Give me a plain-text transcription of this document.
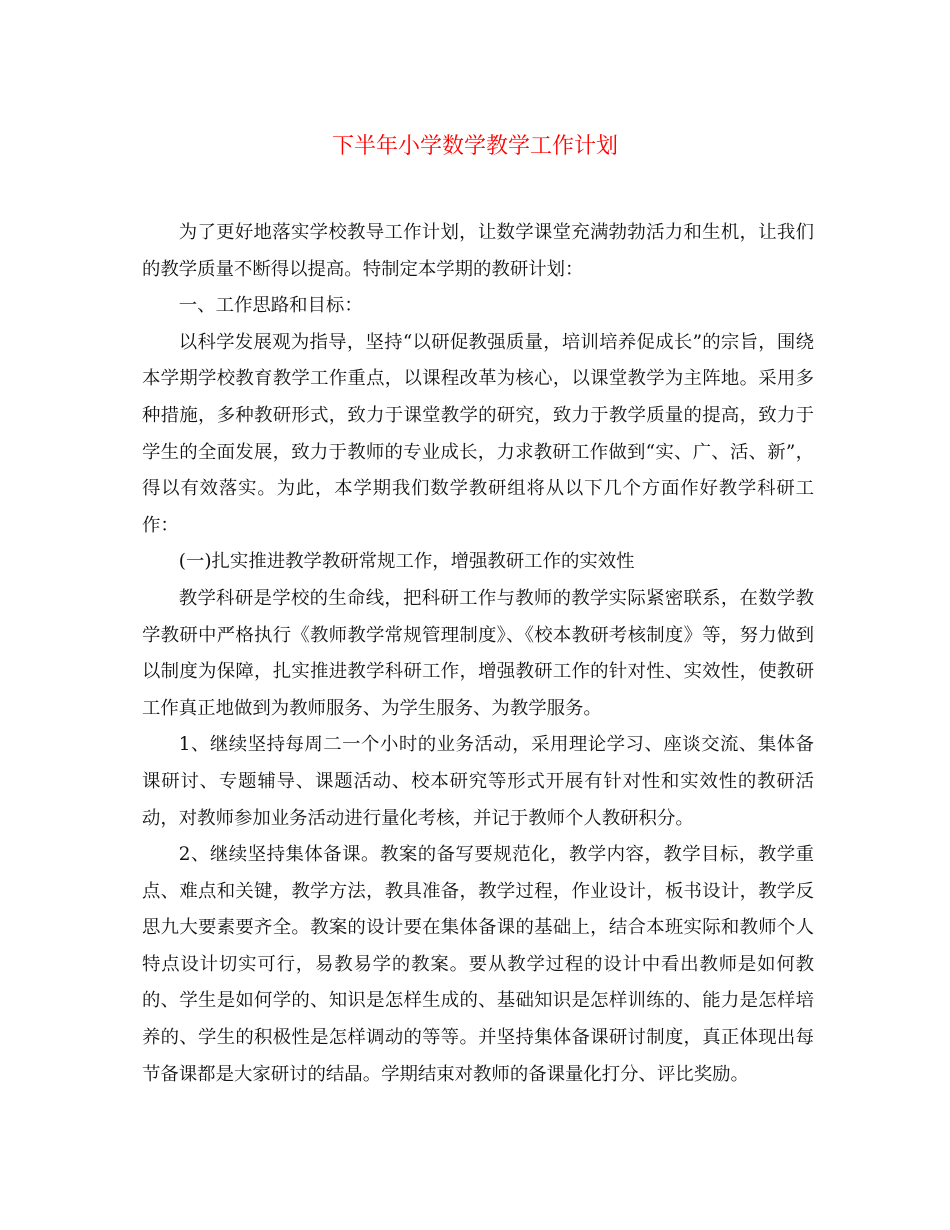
下半年小学数学教学工作计划

为了更好地落实学校教导工作计划，让数学课堂充满勃勃活力和生机，让我们的教学质量不断得以提高。特制定本学期的教研计划：

一、工作思路和目标：

以科学发展观为指导，坚持“以研促教强质量，培训培养促成长”的宗旨，围绕本学期学校教育教学工作重点，以课程改革为核心，以课堂教学为主阵地。采用多种措施，多种教研形式，致力于课堂教学的研究，致力于教学质量的提高，致力于学生的全面发展，致力于教师的专业成长，力求教研工作做到“实、广、活、新”，得以有效落实。为此，本学期我们数学教研组将从以下几个方面作好教学科研工作：

(一)扎实推进教学教研常规工作，增强教研工作的实效性

教学科研是学校的生命线，把科研工作与教师的教学实际紧密联系，在数学教学教研中严格执行《教师教学常规管理制度》、《校本教研考核制度》等，努力做到以制度为保障，扎实推进教学科研工作，增强教研工作的针对性、实效性，使教研工作真正地做到为教师服务、为学生服务、为教学服务。

1、继续坚持每周二一个小时的业务活动，采用理论学习、座谈交流、集体备课研讨、专题辅导、课题活动、校本研究等形式开展有针对性和实效性的教研活动，对教师参加业务活动进行量化考核，并记于教师个人教研积分。

2、继续坚持集体备课。教案的备写要规范化，教学内容，教学目标，教学重点、难点和关键，教学方法，教具准备，教学过程，作业设计，板书设计，教学反思九大要素要齐全。教案的设计要在集体备课的基础上，结合本班实际和教师个人特点设计切实可行，易教易学的教案。要从教学过程的设计中看出教师是如何教的、学生是如何学的、知识是怎样生成的、基础知识是怎样训练的、能力是怎样培养的、学生的积极性是怎样调动的等等。并坚持集体备课研讨制度，真正体现出每节备课都是大家研讨的结晶。学期结束对教师的备课量化打分、评比奖励。
